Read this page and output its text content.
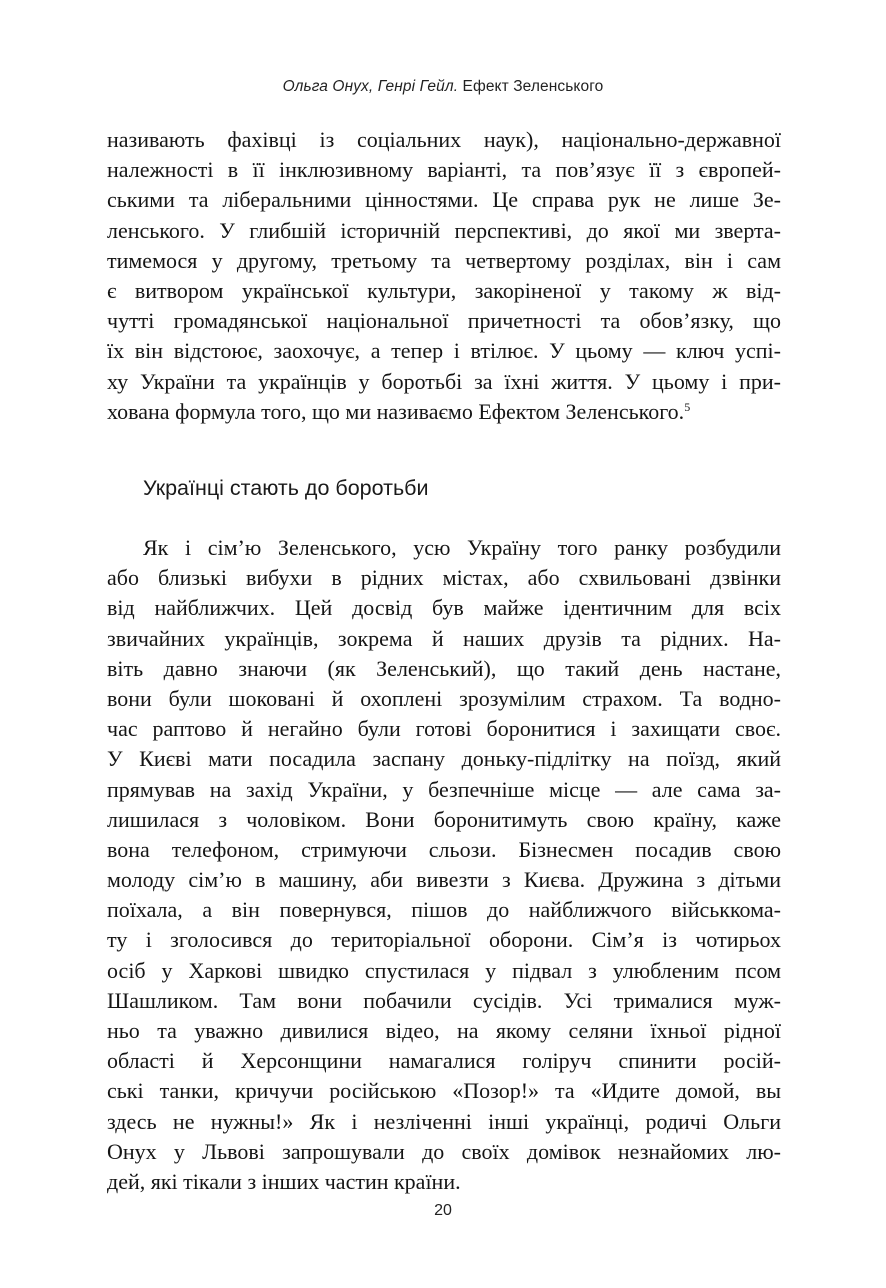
Ольга Онух, Генрі Гейл. Ефект Зеленського
називають фахівці із соціальних наук), національно-державної
належності в її інклюзивному варіанті, та пов’язує її з європей-
ськими та ліберальними цінностями. Це справа рук не лише Зе-
ленського. У глибшій історичній перспективі, до якої ми зверта-
тимемося у другому, третьому та четвертому розділах, він і сам
є витвором української культури, закоріненої у такому ж від-
чутті громадянської національної причетності та обов’язку, що
їх він відстоює, заохочує, а тепер і втілює. У цьому — ключ успі-
ху України та українців у боротьбі за їхні життя. У цьому і при-
хована формула того, що ми називаємо Ефектом Зеленського.$^5$
Українці стають до боротьби
Як і сім’ю Зеленського, усю Україну того ранку розбудили
або близькі вибухи в рідних містах, або схвильовані дзвінки
від найближчих. Цей досвід був майже ідентичним для всіх
звичайних українців, зокрема й наших друзів та рідних. На-
віть давно знаючи (як Зеленський), що такий день настане,
вони були шоковані й охоплені зрозумілим страхом. Та водно-
час раптово й негайно були готові боронитися і захищати своє.
У Києві мати посадила заспану доньку-підлітку на поїзд, який
прямував на захід України, у безпечніше місце — але сама за-
лишилася з чоловіком. Вони боронитимуть свою країну, каже
вона телефоном, стримуючи сльози. Бізнесмен посадив свою
молоду сім’ю в машину, аби вивезти з Києва. Дружина з дітьми
поїхала, а він повернувся, пішов до найближчого військкома-
ту і зголосився до територіальної оборони. Сім’я із чотирьох
осіб у Харкові швидко спустилася у підвал з улюбленим псом
Шашликом. Там вони побачили сусідів. Усі трималися муж-
ньо та уважно дивилися відео, на якому селяни їхньої рідної
області й Херсонщини намагалися голіруч спинити росій-
ські танки, кричучи російською «Позор!» та «Идите домой, вы
здесь не нужны!» Як і незліченні інші українці, родичі Ольги
Онух у Львові запрошували до своїх домівок незнайомих лю-
дей, які тікали з інших частин країни.
20
